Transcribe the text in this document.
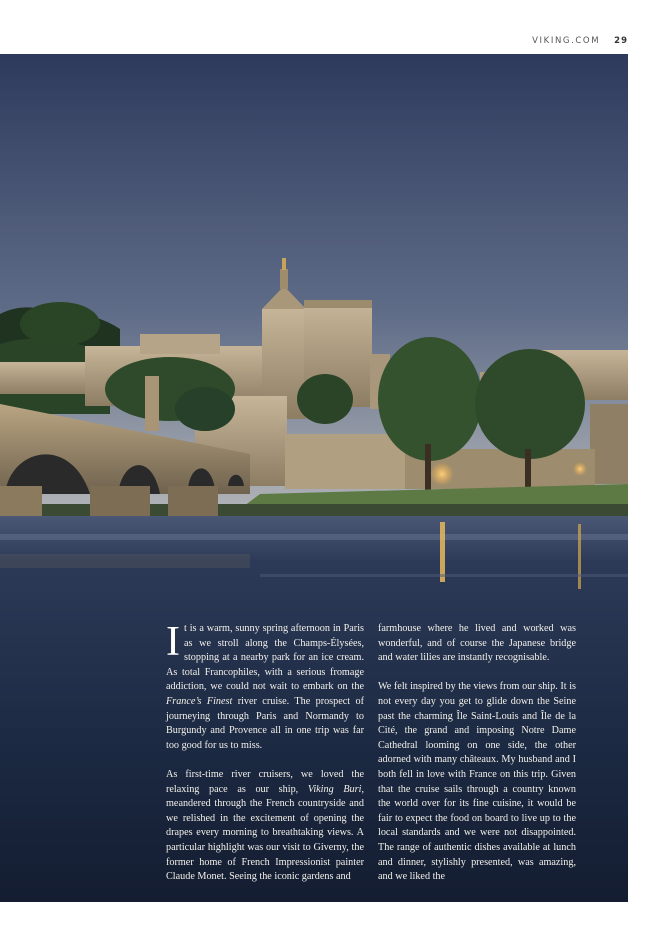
VIKING.COM 29

It is a warm, sunny spring afternoon in Paris as we stroll along the Champs-Élysées, stopping at a nearby park for an ice cream. As total Francophiles, with a serious fromage addiction, we could not wait to embark on the France’s Finest river cruise. The prospect of journeying through Paris and Normandy to Burgundy and Provence all in one trip was far too good for us to miss.

As first-time river cruisers, we loved the relaxing pace as our ship, Viking Buri, meandered through the French countryside and we relished in the excitement of opening the drapes every morning to breathtaking views. A particular highlight was our visit to Giverny, the former home of French Impressionist painter Claude Monet. Seeing the iconic gardens and

farmhouse where he lived and worked was wonderful, and of course the Japanese bridge and water lilies are instantly recognisable.

We felt inspired by the views from our ship. It is not every day you get to glide down the Seine past the charming Île Saint-Louis and Île de la Cité, the grand and imposing Notre Dame Cathedral looming on one side, the other adorned with many châteaux. My husband and I both fell in love with France on this trip. Given that the cruise sails through a country known the world over for its fine cuisine, it would be fair to expect the food on board to live up to the local standards and we were not disappointed. The range of authentic dishes available at lunch and dinner, stylishly presented, was amazing, and we liked the
